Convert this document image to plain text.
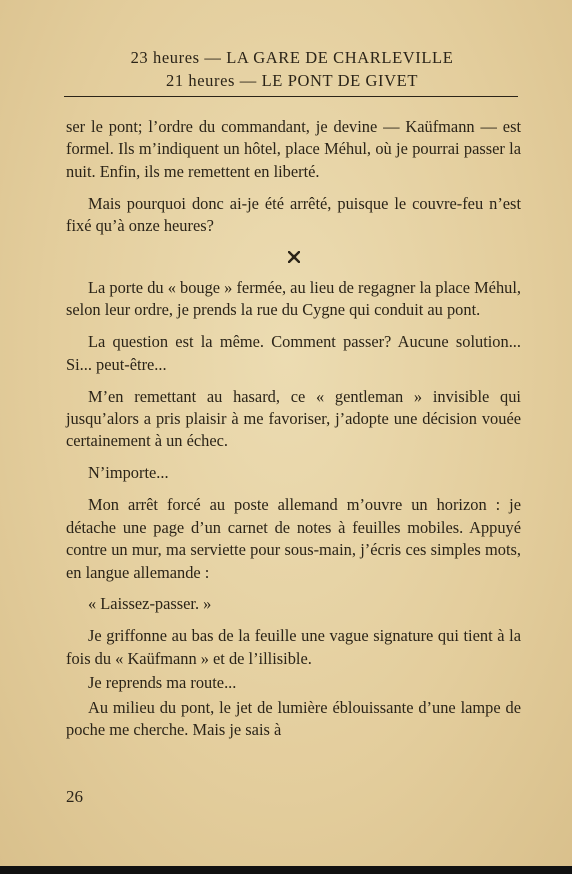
23 heures — LA GARE DE CHARLEVILLE
21 heures — LE PONT DE GIVET

ser le pont; l’ordre du commandant, je devine — Kaüfmann — est formel. Ils m’indiquent un hôtel, place Méhul, où je pourrai passer la nuit. Enfin, ils me remettent en liberté.

Mais pourquoi donc ai-je été arrêté, puisque le couvre-feu n’est fixé qu’à onze heures?

La porte du « bouge » fermée, au lieu de regagner la place Méhul, selon leur ordre, je prends la rue du Cygne qui conduit au pont.

La question est la même. Comment passer? Aucune solution... Si... peut-être...

M’en remettant au hasard, ce « gentleman » invisible qui jusqu’alors a pris plaisir à me favoriser, j’adopte une décision vouée certainement à un échec.

N’importe...

Mon arrêt forcé au poste allemand m’ouvre un horizon : je détache une page d’un carnet de notes à feuilles mobiles. Appuyé contre un mur, ma serviette pour sous-main, j’écris ces simples mots, en langue allemande :

« Laissez-passer. »

Je griffonne au bas de la feuille une vague signature qui tient à la fois du « Kaüfmann » et de l’illisible.

Je reprends ma route...

Au milieu du pont, le jet de lumière éblouissante d’une lampe de poche me cherche. Mais je sais à

26
